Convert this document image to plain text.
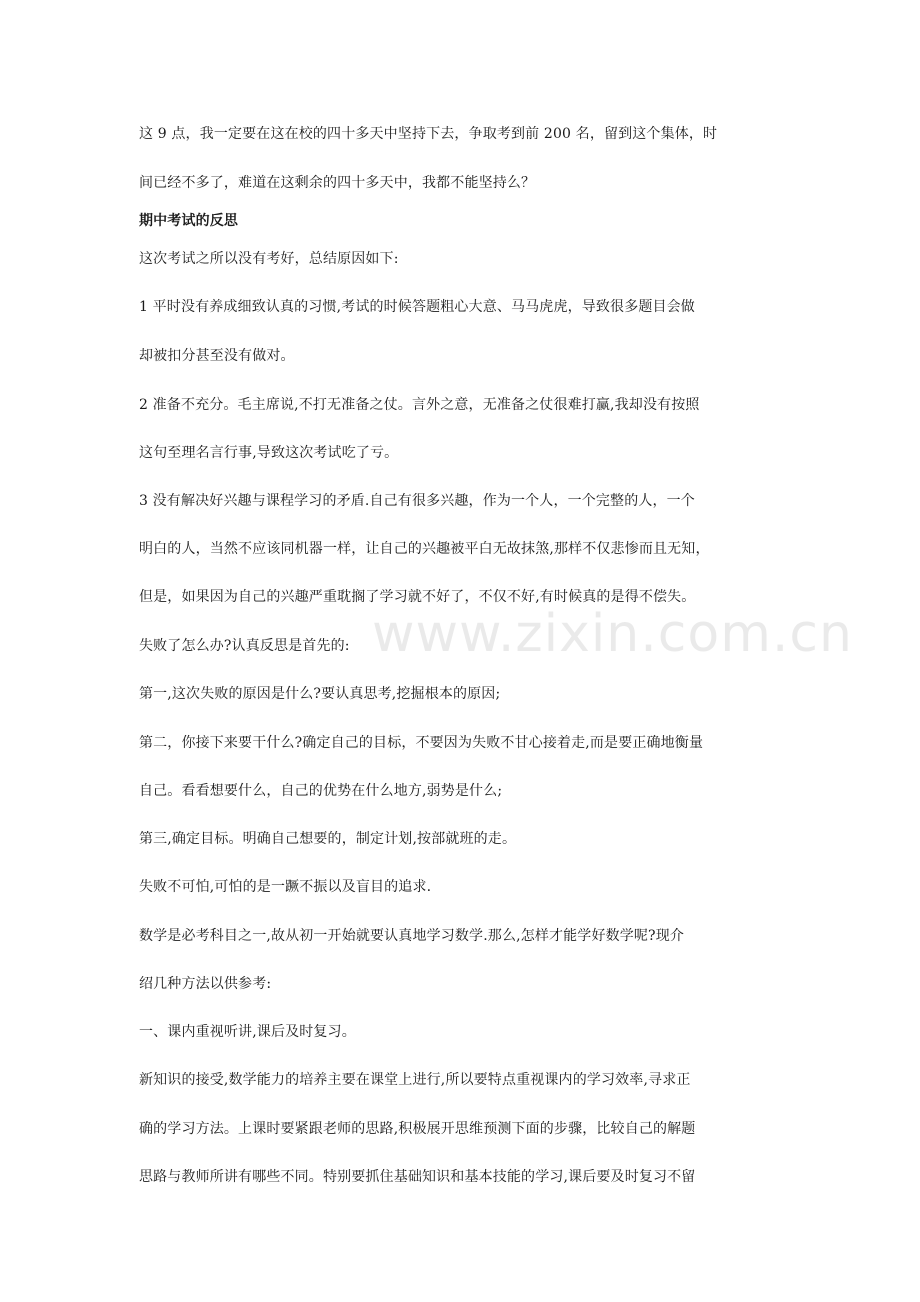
这 9 点，我一定要在这在校的四十多天中坚持下去，争取考到前 200 名，留到这个集体，时
间已经不多了，难道在这剩余的四十多天中，我都不能坚持么？
期中考试的反思
这次考试之所以没有考好，总结原因如下:
1 平时没有养成细致认真的习惯,考试的时候答题粗心大意、马马虎虎，导致很多题目会做
却被扣分甚至没有做对。
2 准备不充分。毛主席说,不打无准备之仗。言外之意，无准备之仗很难打赢,我却没有按照
这句至理名言行事,导致这次考试吃了亏。
3 没有解决好兴趣与课程学习的矛盾.自己有很多兴趣，作为一个人，一个完整的人，一个
明白的人，当然不应该同机器一样，让自己的兴趣被平白无故抹煞,那样不仅悲惨而且无知，
但是，如果因为自己的兴趣严重耽搁了学习就不好了，不仅不好,有时候真的是得不偿失。
失败了怎么办?认真反思是首先的:
第一,这次失败的原因是什么?要认真思考,挖掘根本的原因;
第二，你接下来要干什么?确定自己的目标，不要因为失败不甘心接着走,而是要正确地衡量
自己。看看想要什么，自己的优势在什么地方,弱势是什么;
第三,确定目标。明确自己想要的，制定计划,按部就班的走。
失败不可怕,可怕的是一蹶不振以及盲目的追求.
数学是必考科目之一,故从初一开始就要认真地学习数学.那么,怎样才能学好数学呢?现介
绍几种方法以供参考:
一、课内重视听讲,课后及时复习。
新知识的接受,数学能力的培养主要在课堂上进行,所以要特点重视课内的学习效率,寻求正
确的学习方法。上课时要紧跟老师的思路,积极展开思维预测下面的步骤，比较自己的解题
思路与教师所讲有哪些不同。特别要抓住基础知识和基本技能的学习,课后要及时复习不留
www.zixin.com.cn
